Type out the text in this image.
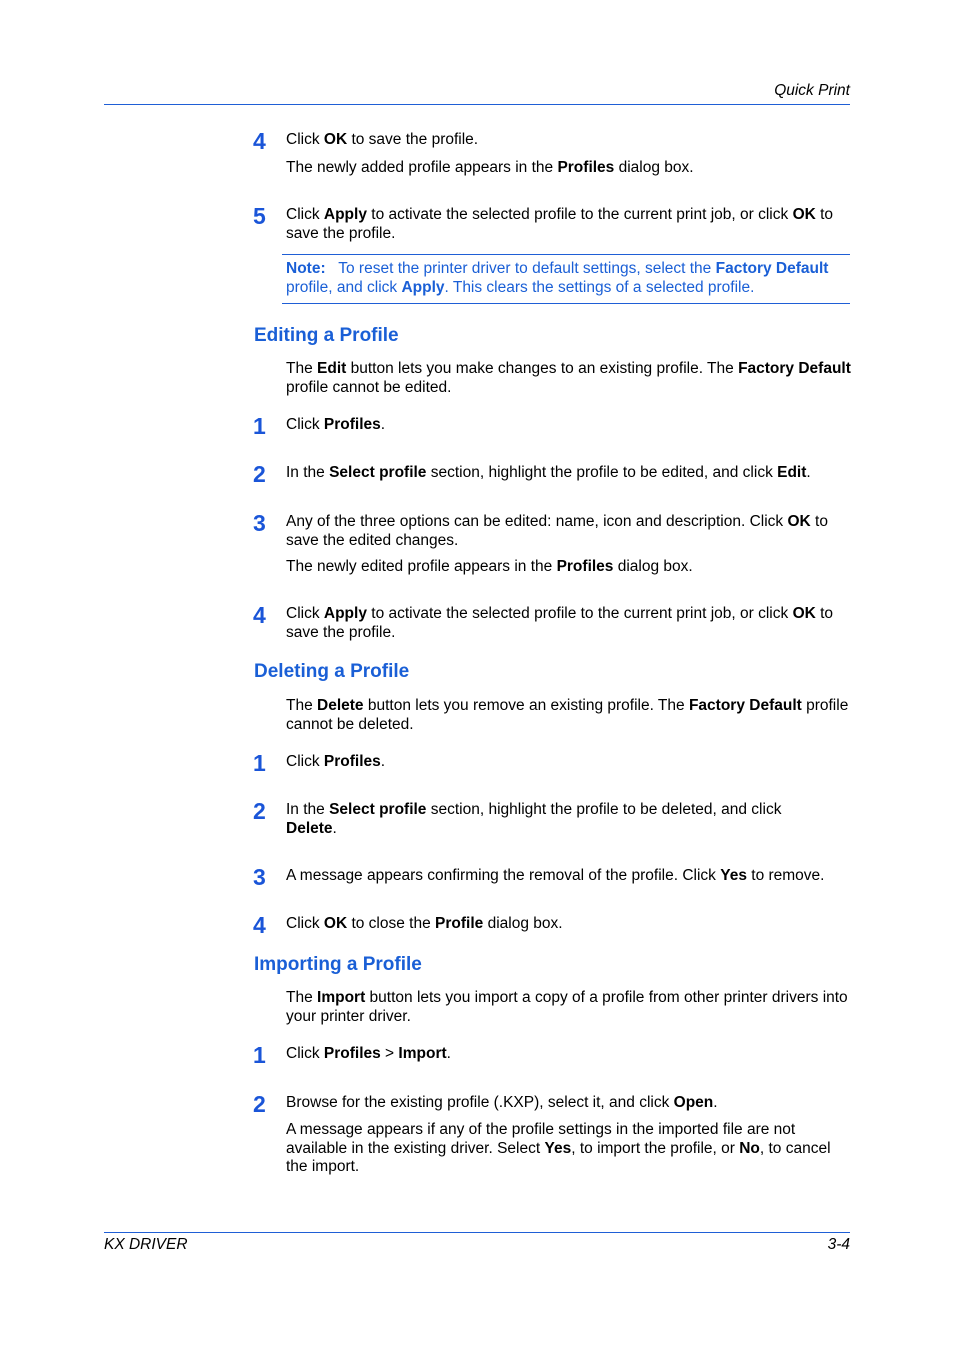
Quick Print
4 Click OK to save the profile.
The newly added profile appears in the Profiles dialog box.
5 Click Apply to activate the selected profile to the current print job, or click OK to save the profile.
Note: To reset the printer driver to default settings, select the Factory Default profile, and click Apply. This clears the settings of a selected profile.
Editing a Profile
The Edit button lets you make changes to an existing profile. The Factory Default profile cannot be edited.
1 Click Profiles.
2 In the Select profile section, highlight the profile to be edited, and click Edit.
3 Any of the three options can be edited: name, icon and description. Click OK to save the edited changes.
The newly edited profile appears in the Profiles dialog box.
4 Click Apply to activate the selected profile to the current print job, or click OK to save the profile.
Deleting a Profile
The Delete button lets you remove an existing profile. The Factory Default profile cannot be deleted.
1 Click Profiles.
2 In the Select profile section, highlight the profile to be deleted, and click Delete.
3 A message appears confirming the removal of the profile. Click Yes to remove.
4 Click OK to close the Profile dialog box.
Importing a Profile
The Import button lets you import a copy of a profile from other printer drivers into your printer driver.
1 Click Profiles > Import.
2 Browse for the existing profile (.KXP), select it, and click Open.
A message appears if any of the profile settings in the imported file are not available in the existing driver. Select Yes, to import the profile, or No, to cancel the import.
KX DRIVER	3-4
